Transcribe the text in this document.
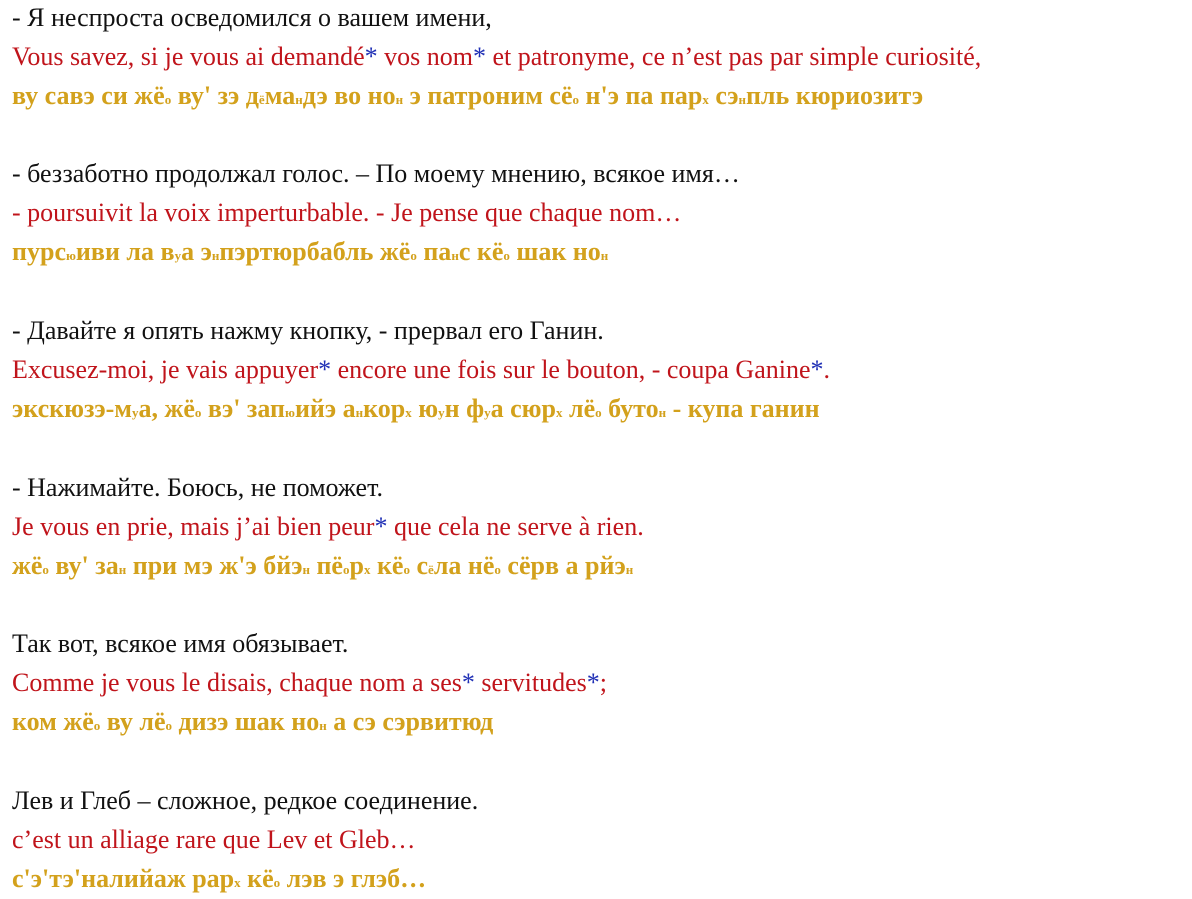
- Я неспроста осведомился о вашем имени,
Vous savez, si je vous ai demandé* vos nom* et patronyme, ce n’est pas par simple curiosité,
ву савэ си жёо ву' зэ дёмандэ во нон э патроним сёо н'э па парх сэнпль кюриозитэ
- беззаботно продолжал голос. – По моему мнению, всякое имя…
- poursuivit la voix imperturbable. - Je pense que chaque nom…
пурсюиви ла вуа энпэртюрбабль жёо панс кёо шак нон
- Давайте я опять нажму кнопку, - прервал его Ганин.
Excusez-moi, je vais appuyer* encore une fois sur le bouton, - coupa Ganine*.
экскюзэ-муа, жёо вэ' запюийэ анкорх юун фуа сюрх лёо бутон - купа ганин
- Нажимайте. Боюсь, не поможет.
Je vous en prie, mais j’ai bien peur* que cela ne serve à rien.
жёо ву' зан при мэ ж'э бйэн пёорх кёо сёла нёо сёрв а рйэн
Так вот, всякое имя обязывает.
Comme je vous le disais, chaque nom a ses* servitudes*;
ком жёо ву лёо дизэ шак нон а сэ сэрвитюд
Лев и Глеб – сложное, редкое соединение.
c’est un alliage rare que Lev et Gleb…
с'э'тэ'налийаж рарх кёо лэв э глэб…
